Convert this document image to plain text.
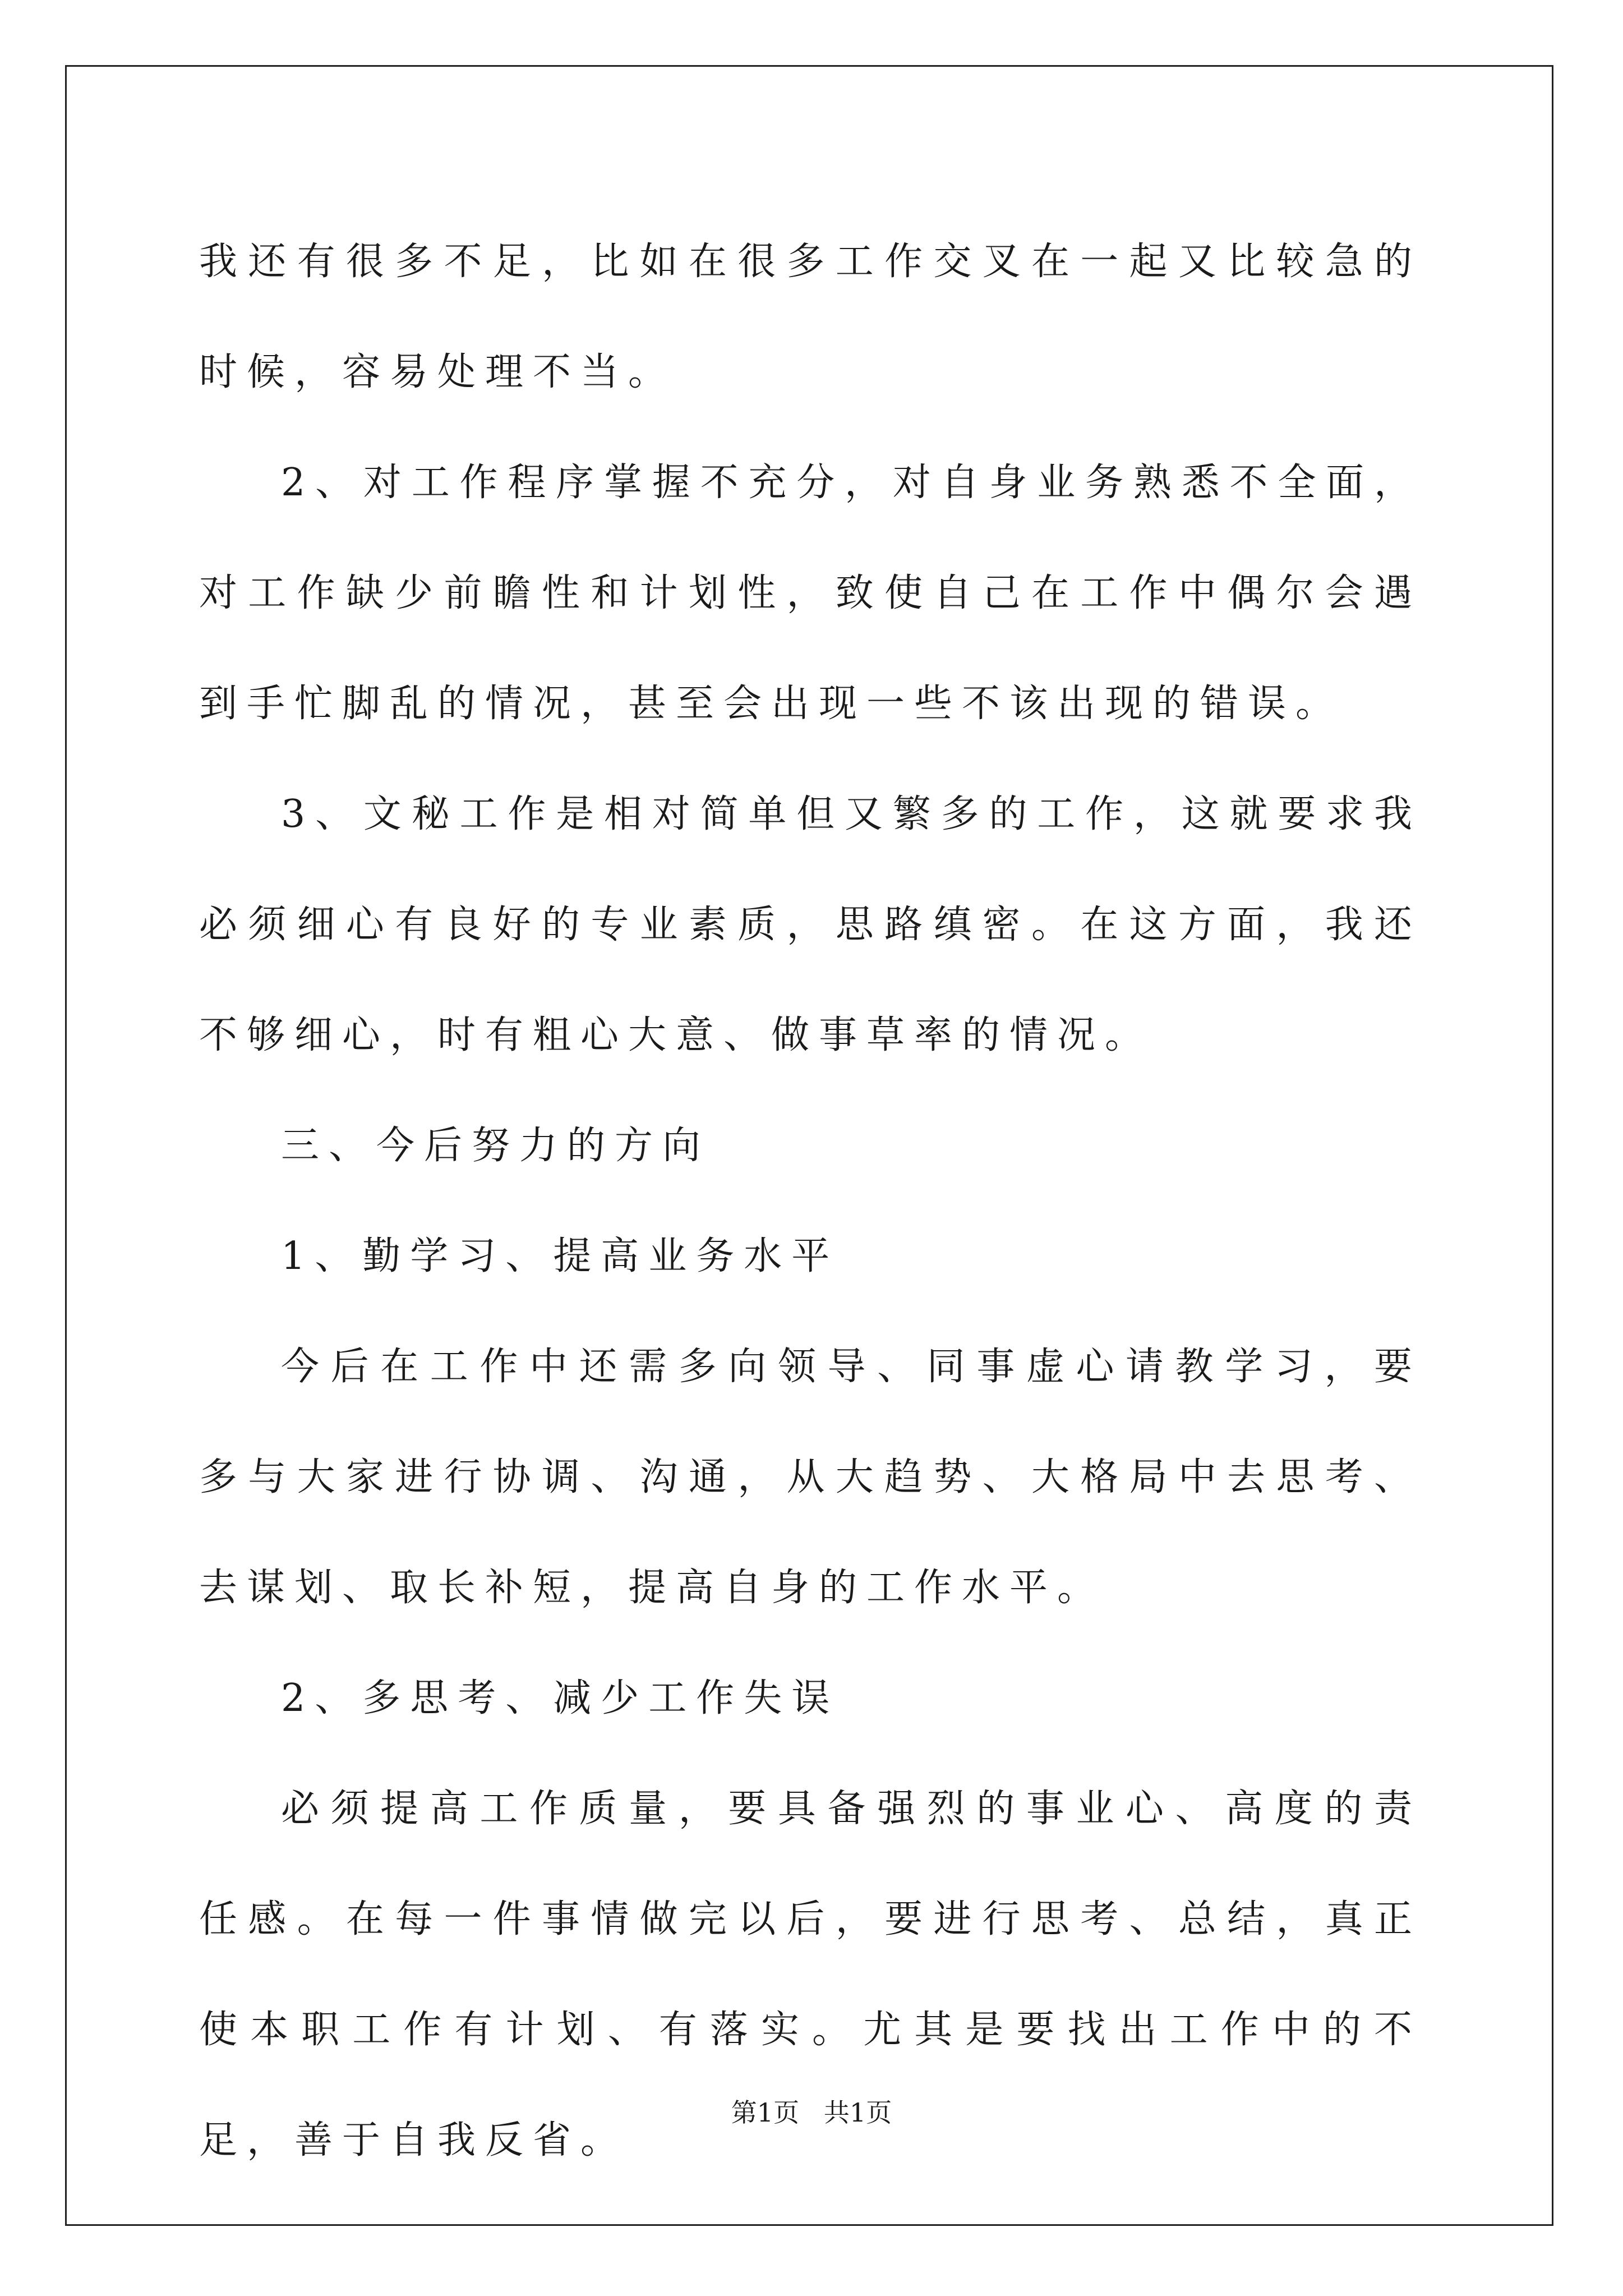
我还有很多不足，比如在很多工作交叉在一起又比较急的时候，容易处理不当。

2、对工作程序掌握不充分，对自身业务熟悉不全面，对工作缺少前瞻性和计划性，致使自己在工作中偶尔会遇到手忙脚乱的情况，甚至会出现一些不该出现的错误。

3、文秘工作是相对简单但又繁多的工作，这就要求我必须细心有良好的专业素质，思路缜密。在这方面，我还不够细心，时有粗心大意、做事草率的情况。

三、今后努力的方向

1、勤学习、提高业务水平

今后在工作中还需多向领导、同事虚心请教学习，要多与大家进行协调、沟通，从大趋势、大格局中去思考、去谋划、取长补短，提高自身的工作水平。

2、多思考、减少工作失误

必须提高工作质量，要具备强烈的事业心、高度的责任感。在每一件事情做完以后，要进行思考、总结，真正使本职工作有计划、有落实。尤其是要找出工作中的不足，善于自我反省。

第1页   共1页
